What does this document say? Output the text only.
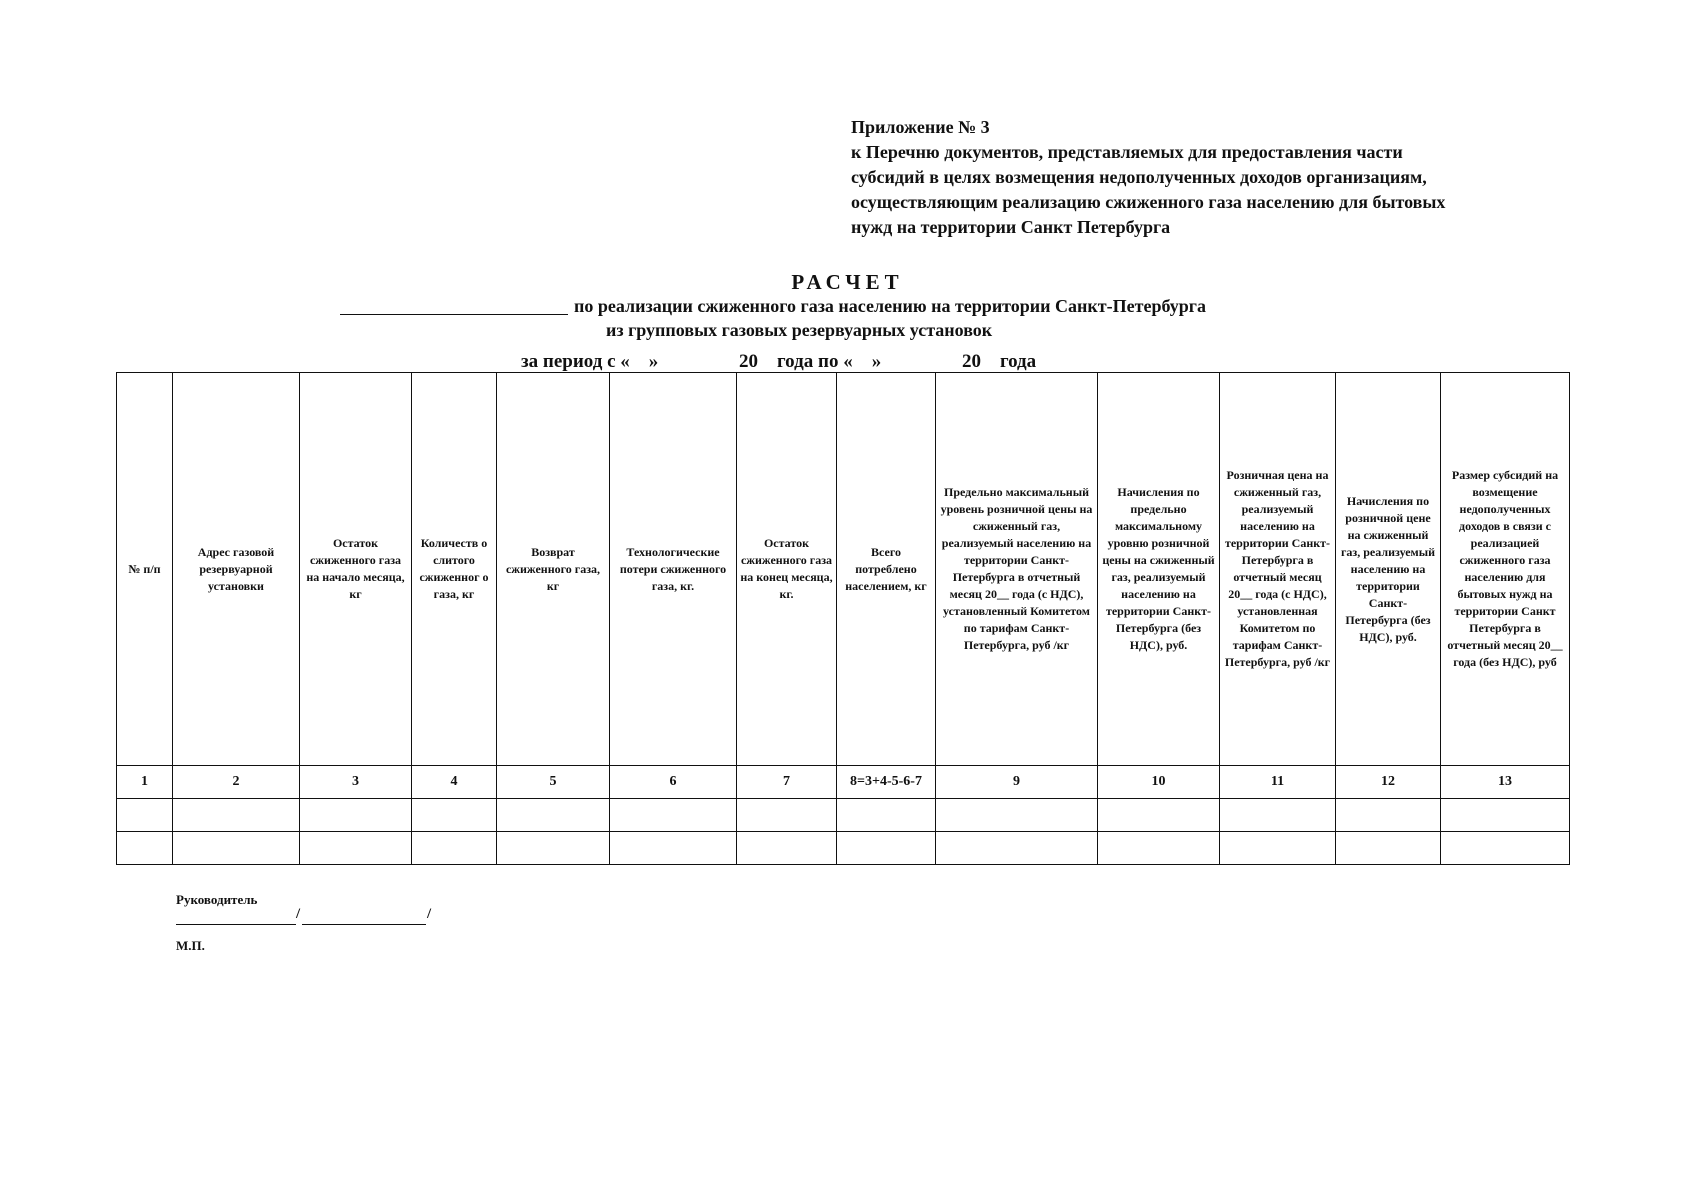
Приложение № 3
к Перечню документов, представляемых для предоставления части
субсидий в целях возмещения недополученных доходов организациям,
осуществляющим реализацию сжиженного газа населению для бытовых
нужд на территории Санкт Петербурга
РАСЧЕТ
по реализации сжиженного газа населению на территории Санкт-Петербурга
из групповых газовых резервуарных установок
за период с «    »                 20    года по «    »                 20    года
№ п/п	Адрес газовой резервуарной установки	Остаток сжиженного газа на начало месяца, кг	Количеств о слитого сжиженног о газа, кг	Возврат сжиженного газа, кг	Технологические потери сжиженного газа, кг.	Остаток сжиженного газа на конец месяца, кг.	Всего потреблено населением, кг	Предельно максимальный уровень розничной цены на сжиженный газ, реализуемый населению на территории Санкт-Петербурга в отчетный месяц 20__ года (с НДС), установленный Комитетом по тарифам Санкт-Петербурга, руб /кг	Начисления по предельно максимальному уровню розничной цены на сжиженный газ, реализуемый населению на территории Санкт-Петербурга (без НДС), руб.	Розничная цена на сжиженный газ, реализуемый населению на территории Санкт-Петербурга в отчетный месяц 20__ года (с НДС), установленная Комитетом по тарифам Санкт-Петербурга, руб /кг	Начисления по розничной цене на сжиженный газ, реализуемый населению на территории Санкт-Петербурга (без НДС), руб.	Размер субсидий на возмещение недополученных доходов в связи с реализацией сжиженного газа населению для бытовых нужд на территории Санкт Петербурга в отчетный месяц 20__ года (без НДС), руб
1	2	3	4	5	6	7	8=3+4-5-6-7	9	10	11	12	13

Руководитель
/	/
М.П.
